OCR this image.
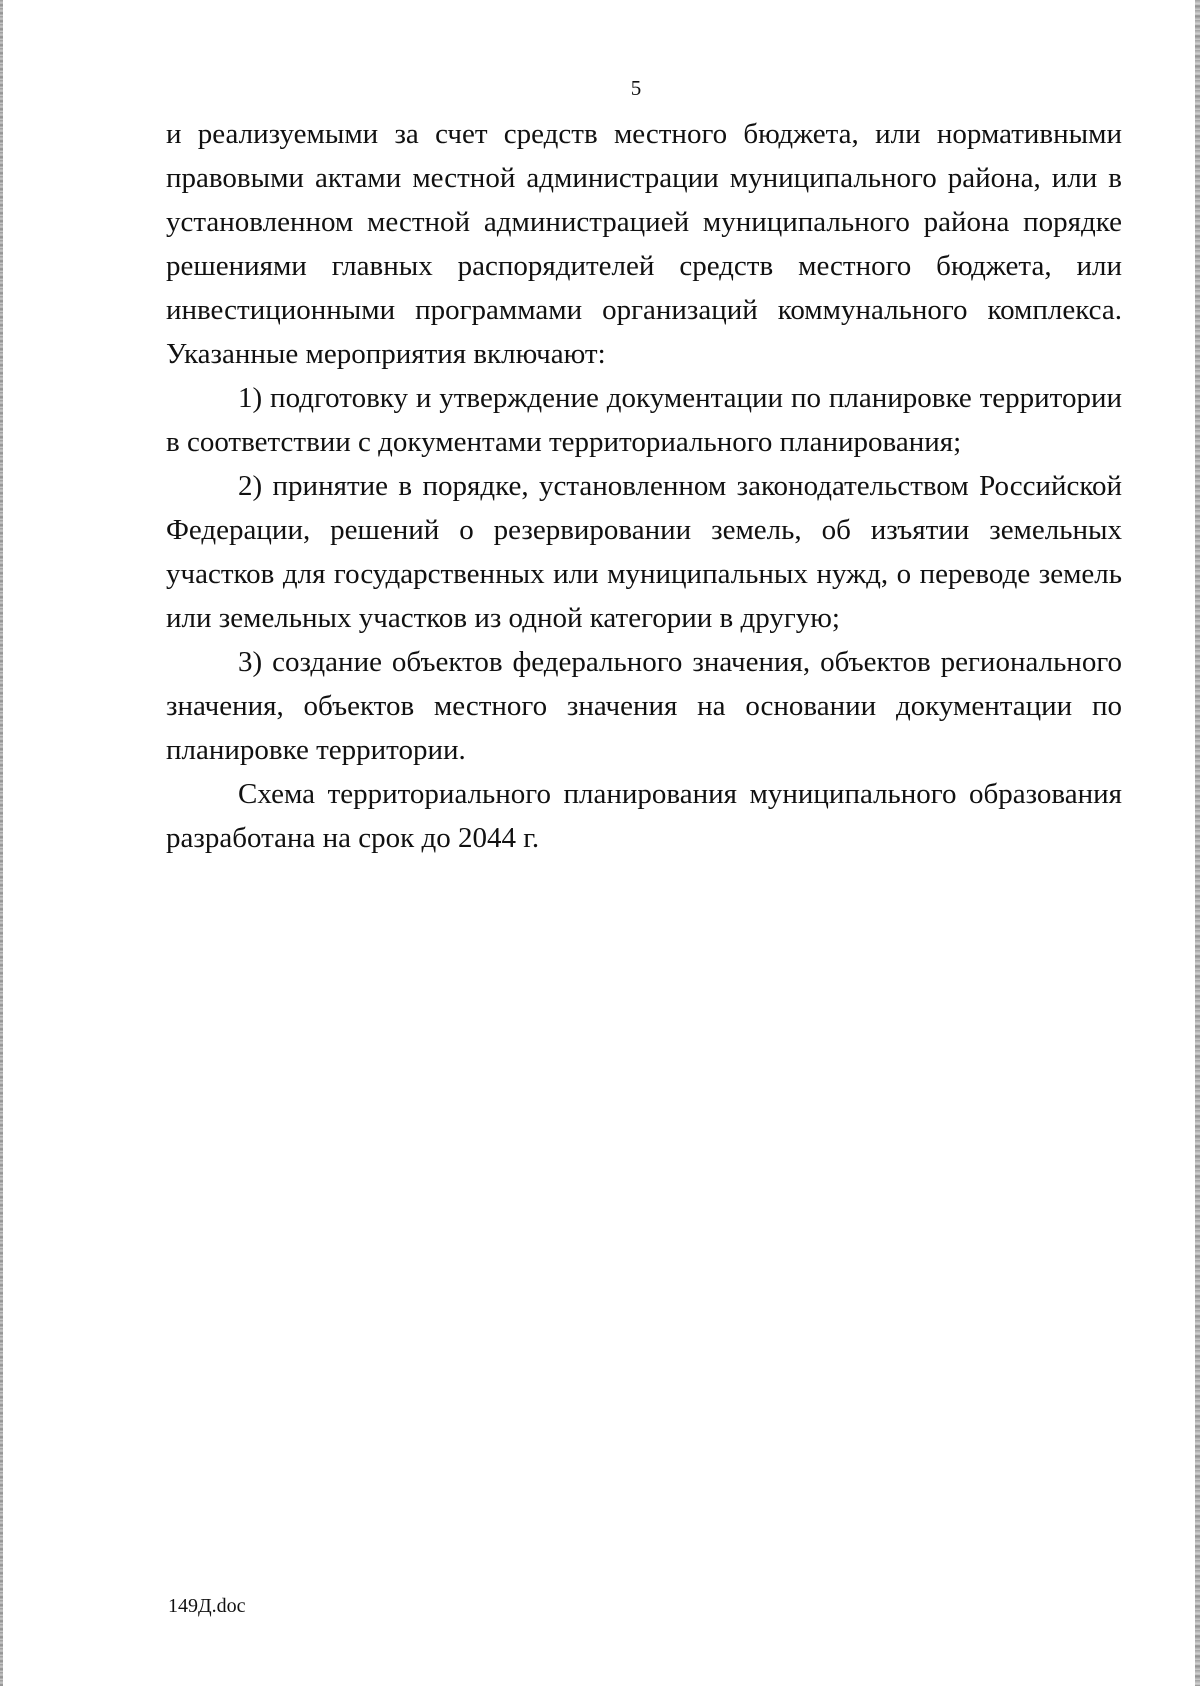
5

и реализуемыми за счет средств местного бюджета, или нормативными правовыми актами местной администрации муниципального района, или в установленном местной администрацией муниципального района порядке решениями главных распорядителей средств местного бюджета, или инвестиционными программами организаций коммунального комплекса. Указанные мероприятия включают:

1) подготовку и утверждение документации по планировке территории в соответствии с документами территориального планирования;

2) принятие в порядке, установленном законодательством Российской Федерации, решений о резервировании земель, об изъятии земельных участков для государственных или муниципальных нужд, о переводе земель или земельных участков из одной категории в другую;

3) создание объектов федерального значения, объектов регионального значения, объектов местного значения на основании документации по планировке территории.

Схема территориального планирования муниципального образования разработана на срок до 2044 г.

149Д.doc
